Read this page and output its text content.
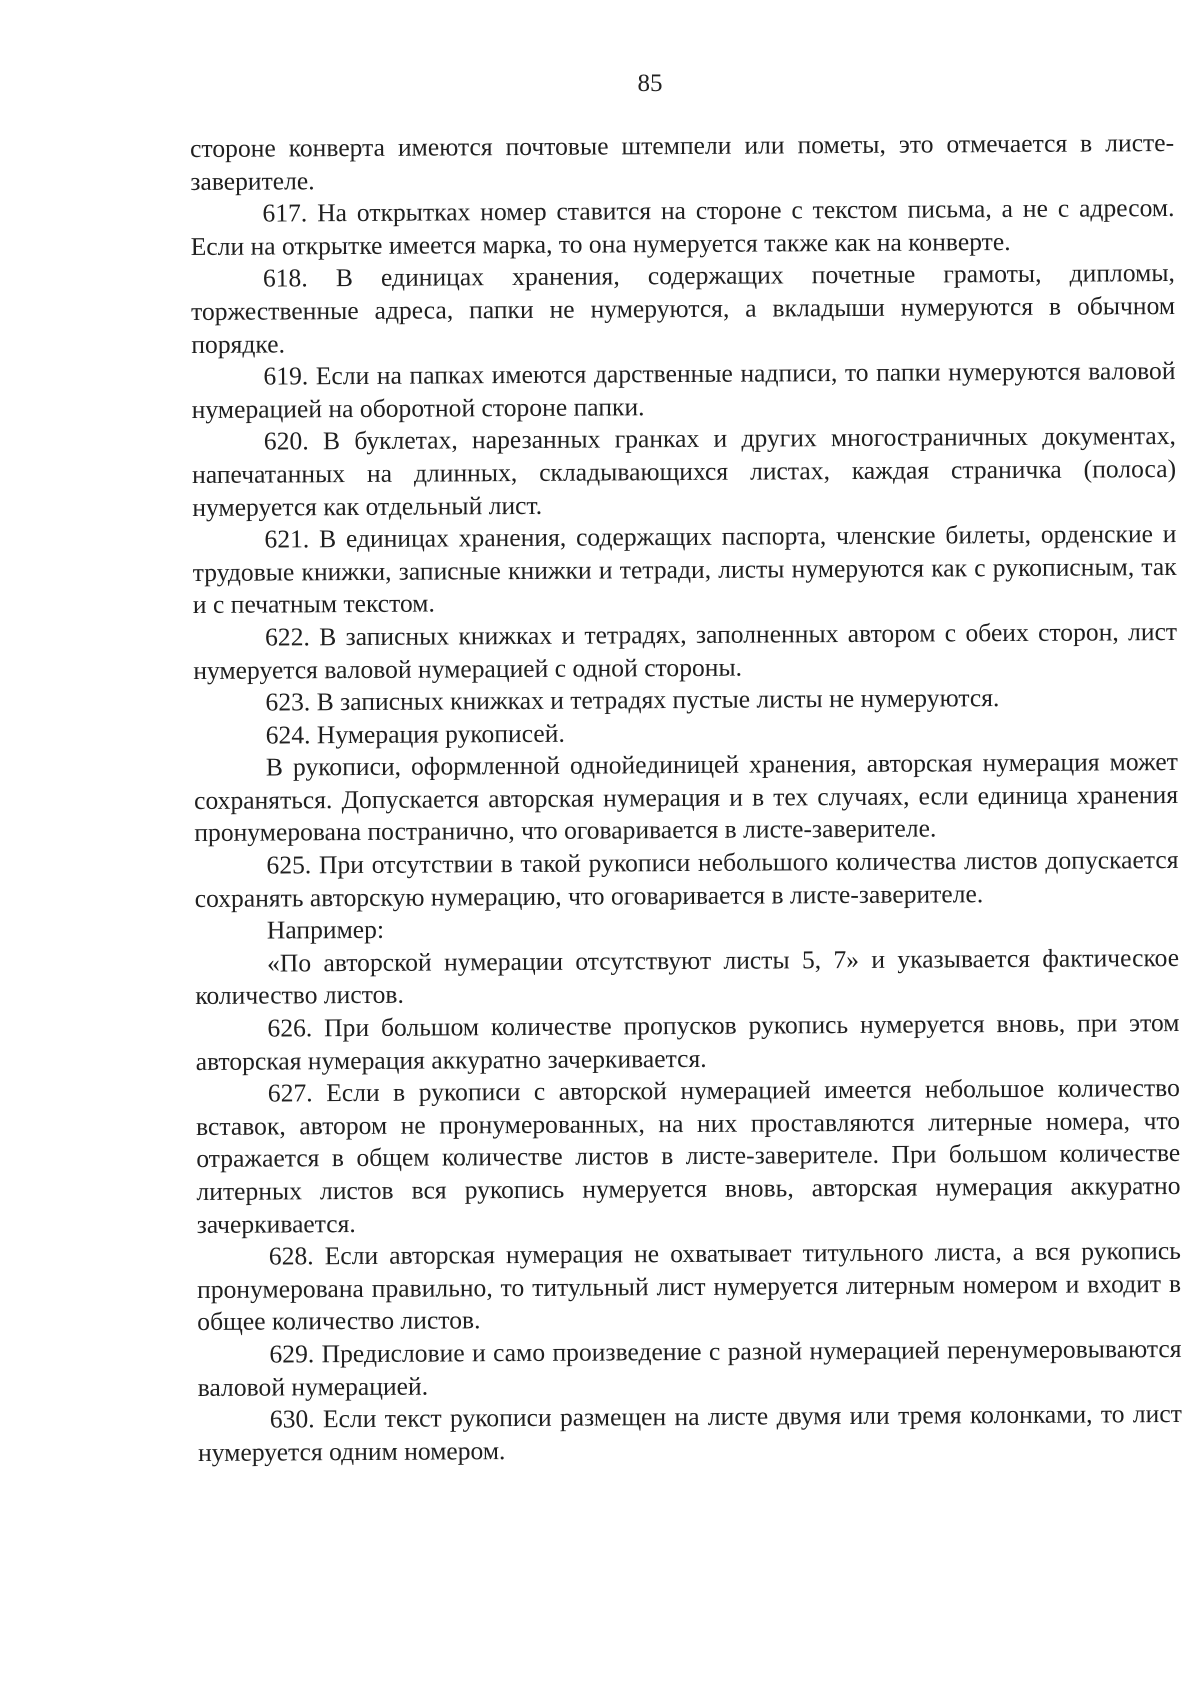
85

стороне конверта имеются почтовые штемпели или пометы, это отмечается в листе-заверителе.

617. На открытках номер ставится на стороне с текстом письма, а не с адресом. Если на открытке имеется марка, то она нумеруется также как на конверте.

618. В единицах хранения, содержащих почетные грамоты, дипломы, торжественные адреса, папки не нумеруются, а вкладыши нумеруются в обычном порядке.

619. Если на папках имеются дарственные надписи, то папки нумеруются валовой нумерацией на оборотной стороне папки.

620. В буклетах, нарезанных гранках и других многостраничных документах, напечатанных на длинных, складывающихся листах, каждая страничка (полоса) нумеруется как отдельный лист.

621. В единицах хранения, содержащих паспорта, членские билеты, орденские и трудовые книжки, записные книжки и тетради, листы нумеруются как с рукописным, так и с печатным текстом.

622. В записных книжках и тетрадях, заполненных автором с обеих сторон, лист нумеруется валовой нумерацией с одной стороны.

623. В записных книжках и тетрадях пустые листы не нумеруются.

624. Нумерация рукописей.

В рукописи, оформленной однойединицей хранения, авторская нумерация может сохраняться. Допускается авторская нумерация и в тех случаях, если единица хранения пронумерована постранично, что оговаривается в листе-заверителе.

625. При отсутствии в такой рукописи небольшого количества листов допускается сохранять авторскую нумерацию, что оговаривается в листе-заверителе.

Например:

«По авторской нумерации отсутствуют листы 5, 7» и указывается фактическое количество листов.

626. При большом количестве пропусков рукопись нумеруется вновь, при этом авторская нумерация аккуратно зачеркивается.

627. Если в рукописи с авторской нумерацией имеется небольшое количество вставок, автором не пронумерованных, на них проставляются литерные номера, что отражается в общем количестве листов в листе-заверителе. При большом количестве литерных листов вся рукопись нумеруется вновь, авторская нумерация аккуратно зачеркивается.

628. Если авторская нумерация не охватывает титульного листа, а вся рукопись пронумерована правильно, то титульный лист нумеруется литерным номером и входит в общее количество листов.

629. Предисловие и само произведение с разной нумерацией перенумеровываются валовой нумерацией.

630. Если текст рукописи размещен на листе двумя или тремя колонками, то лист нумеруется одним номером.
